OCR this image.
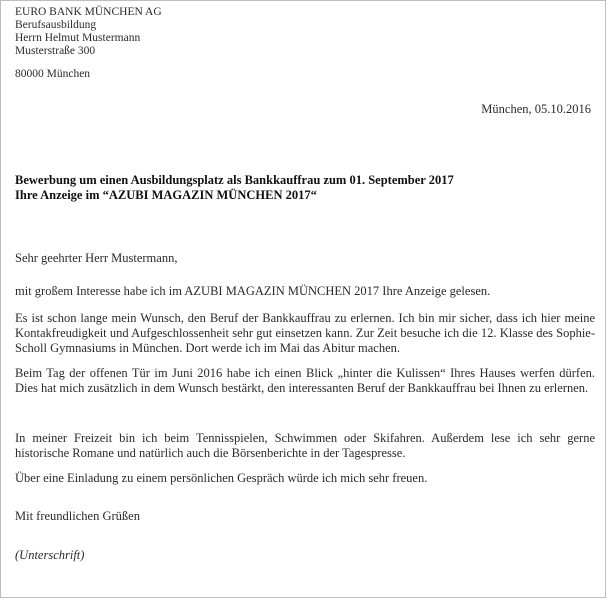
EURO BANK MÜNCHEN AG
Berufsausbildung
Herrn Helmut Mustermann
Musterstraße 300
80000 München
München, 05.10.2016
Bewerbung um einen Ausbildungsplatz als Bankkauffrau zum 01. September 2017
Ihre Anzeige im “AZUBI MAGAZIN MÜNCHEN 2017“
Sehr geehrter Herr Mustermann,
mit großem Interesse habe ich im AZUBI MAGAZIN MÜNCHEN 2017 Ihre Anzeige gelesen.
Es ist schon lange mein Wunsch, den Beruf der Bankkauffrau zu erlernen. Ich bin mir sicher, dass ich hier meine Kontakfreudigkeit und Aufgeschlossenheit sehr gut einsetzen kann. Zur Zeit besuche ich die 12. Klasse des Sophie-Scholl Gymnasiums in München. Dort werde ich im Mai das Abitur machen.
Beim Tag der offenen Tür im Juni 2016 habe ich einen Blick „hinter die Kulissen“ Ihres Hauses werfen dürfen. Dies hat mich zusätzlich in dem Wunsch bestärkt, den interessanten Beruf der Bankkauffrau bei Ihnen zu erlernen.
In meiner Freizeit bin ich beim Tennisspielen, Schwimmen oder Skifahren. Außerdem lese ich sehr gerne historische Romane und natürlich auch die Börsenberichte in der Tagespresse.
Über eine Einladung zu einem persönlichen Gespräch würde ich mich sehr freuen.
Mit freundlichen Grüßen
(Unterschrift)
